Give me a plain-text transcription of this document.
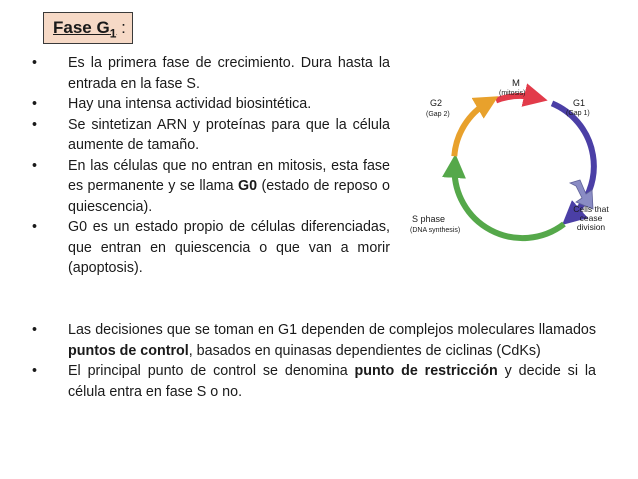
Fase $G_1$ :
• Es la primera fase de crecimiento. Dura hasta la entrada en la fase S.
• Hay una intensa actividad biosintética.
• Se sintetizan ARN y proteínas para que la célula aumente de tamaño.
• En las células que no entran en mitosis, esta fase es permanente y se llama G0 (estado de reposo o quiescencia).
• G0 es un estado propio de células diferenciadas, que entran en quiescencia o que van a morir (apoptosis).
M
(mitosis)
G2
(Gap 2)
G1
(Gap 1)
S phase
(DNA synthesis)
Cells that
cease
division
• Las decisiones que se toman en G1 dependen de complejos moleculares llamados puntos de control, basados en quinasas dependientes de ciclinas (CdKs)
• El principal punto de control se denomina punto de restricción y decide si la célula entra en fase S o no.
